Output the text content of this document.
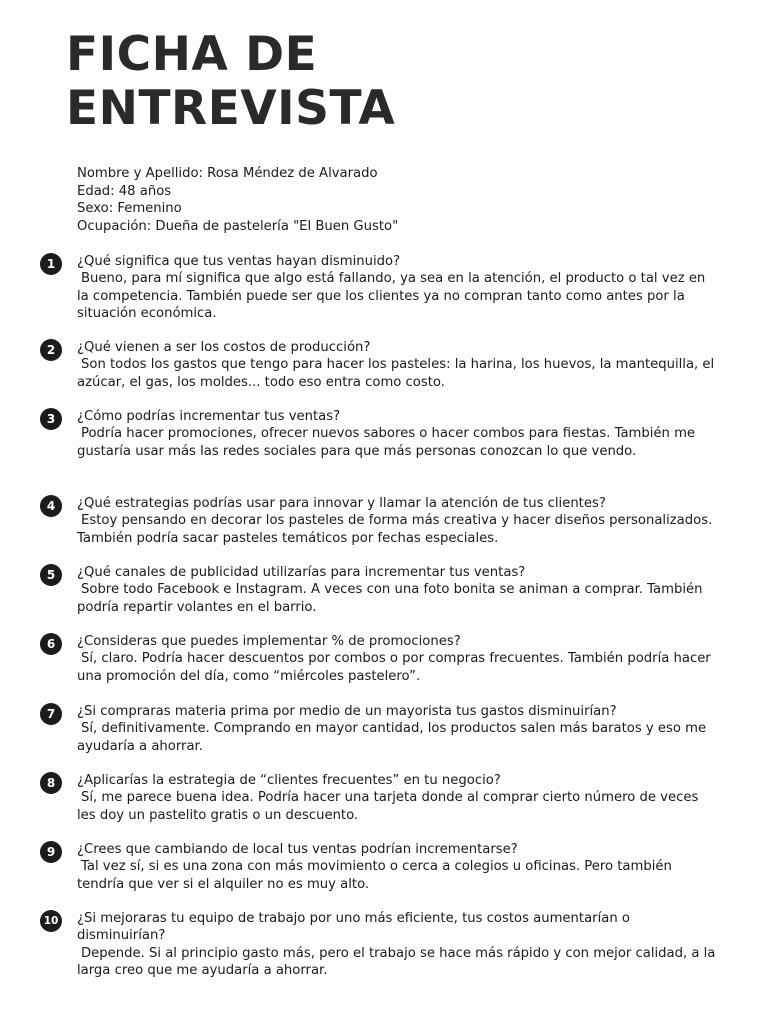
FICHA DE
ENTREVISTA
Nombre y Apellido: Rosa Méndez de Alvarado
Edad: 48 años
Sexo: Femenino
Ocupación: Dueña de pastelería "El Buen Gusto"
1	¿Qué significa que tus ventas hayan disminuido?
Bueno, para mí significa que algo está fallando, ya sea en la atención, el producto o tal vez en la competencia. También puede ser que los clientes ya no compran tanto como antes por la situación económica.
2	¿Qué vienen a ser los costos de producción?
Son todos los gastos que tengo para hacer los pasteles: la harina, los huevos, la mantequilla, el azúcar, el gas, los moldes... todo eso entra como costo.
3	¿Cómo podrías incrementar tus ventas?
Podría hacer promociones, ofrecer nuevos sabores o hacer combos para fiestas. También me gustaría usar más las redes sociales para que más personas conozcan lo que vendo.
4	¿Qué estrategias podrías usar para innovar y llamar la atención de tus clientes?
Estoy pensando en decorar los pasteles de forma más creativa y hacer diseños personalizados. También podría sacar pasteles temáticos por fechas especiales.
5	¿Qué canales de publicidad utilizarías para incrementar tus ventas?
Sobre todo Facebook e Instagram. A veces con una foto bonita se animan a comprar. También podría repartir volantes en el barrio.
6	¿Consideras que puedes implementar % de promociones?
Sí, claro. Podría hacer descuentos por combos o por compras frecuentes. También podría hacer una promoción del día, como “miércoles pastelero”.
7	¿Si compraras materia prima por medio de un mayorista tus gastos disminuirían?
Sí, definitivamente. Comprando en mayor cantidad, los productos salen más baratos y eso me ayudaría a ahorrar.
8	¿Aplicarías la estrategia de “clientes frecuentes” en tu negocio?
Sí, me parece buena idea. Podría hacer una tarjeta donde al comprar cierto número de veces les doy un pastelito gratis o un descuento.
9	¿Crees que cambiando de local tus ventas podrían incrementarse?
Tal vez sí, si es una zona con más movimiento o cerca a colegios u oficinas. Pero también tendría que ver si el alquiler no es muy alto.
10 ¿Si mejoraras tu equipo de trabajo por uno más eficiente, tus costos aumentarían o disminuirían?
Depende. Si al principio gasto más, pero el trabajo se hace más rápido y con mejor calidad, a la larga creo que me ayudaría a ahorrar.
